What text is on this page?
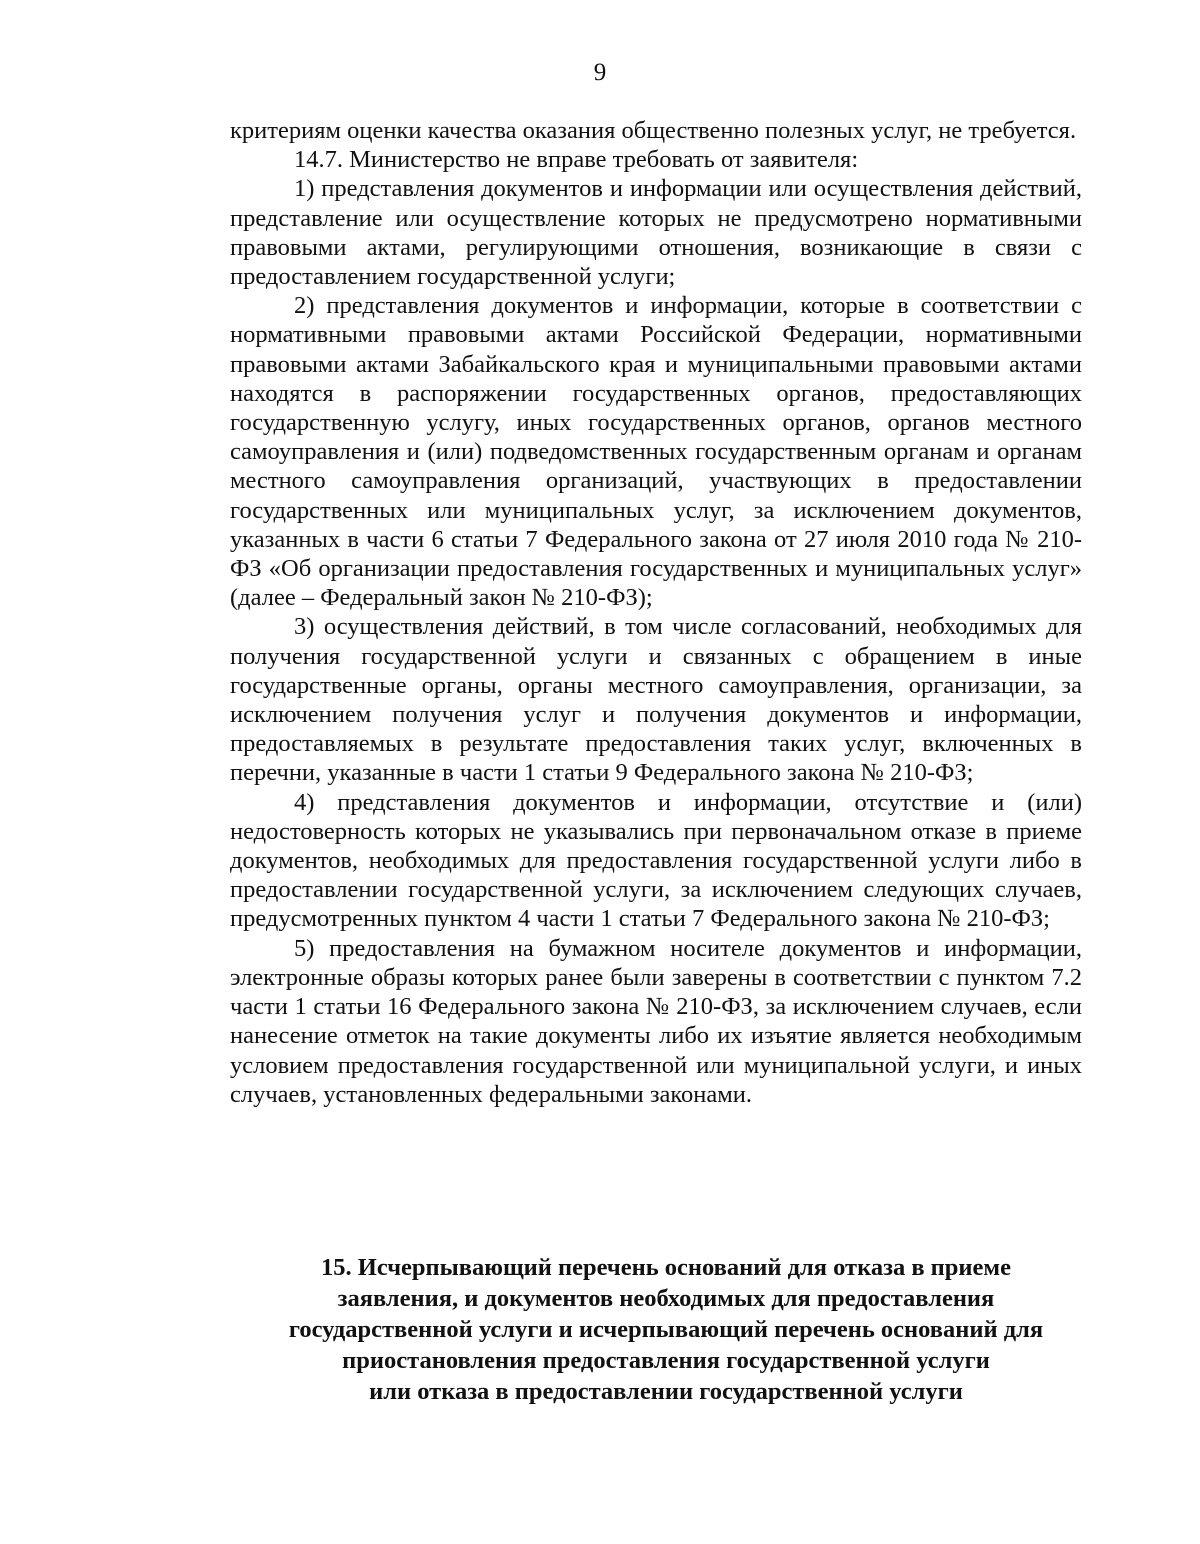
9

критериям оценки качества оказания общественно полезных услуг, не требуется.

14.7. Министерство не вправе требовать от заявителя:

1) представления документов и информации или осуществления действий, представление или осуществление которых не предусмотрено нормативными правовыми актами, регулирующими отношения, возникающие в связи с предоставлением государственной услуги;

2) представления документов и информации, которые в соответствии с нормативными правовыми актами Российской Федерации, нормативными правовыми актами Забайкальского края и муниципальными правовыми актами находятся в распоряжении государственных органов, предоставляющих государственную услугу, иных государственных органов, органов местного самоуправления и (или) подведомственных государственным органам и органам местного самоуправления организаций, участвующих в предоставлении государственных или муниципальных услуг, за исключением документов, указанных в части 6 статьи 7 Федерального закона от 27 июля 2010 года № 210-ФЗ «Об организации предоставления государственных и муниципальных услуг» (далее – Федеральный закон № 210-ФЗ);

3) осуществления действий, в том числе согласований, необходимых для получения государственной услуги и связанных с обращением в иные государственные органы, органы местного самоуправления, организации, за исключением получения услуг и получения документов и информации, предоставляемых в результате предоставления таких услуг, включенных в перечни, указанные в части 1 статьи 9 Федерального закона № 210-ФЗ;

4) представления документов и информации, отсутствие и (или) недостоверность которых не указывались при первоначальном отказе в приеме документов, необходимых для предоставления государственной услуги либо в предоставлении государственной услуги, за исключением следующих случаев, предусмотренных пунктом 4 части 1 статьи 7 Федерального закона № 210-ФЗ;

5) предоставления на бумажном носителе документов и информации, электронные образы которых ранее были заверены в соответствии с пунктом 7.2 части 1 статьи 16 Федерального закона № 210-ФЗ, за исключением случаев, если нанесение отметок на такие документы либо их изъятие является необходимым условием предоставления государственной или муниципальной услуги, и иных случаев, установленных федеральными законами.

15. Исчерпывающий перечень оснований для отказа в приеме
заявления, и документов необходимых для предоставления
государственной услуги и исчерпывающий перечень оснований для
приостановления предоставления государственной услуги
или отказа в предоставлении государственной услуги
